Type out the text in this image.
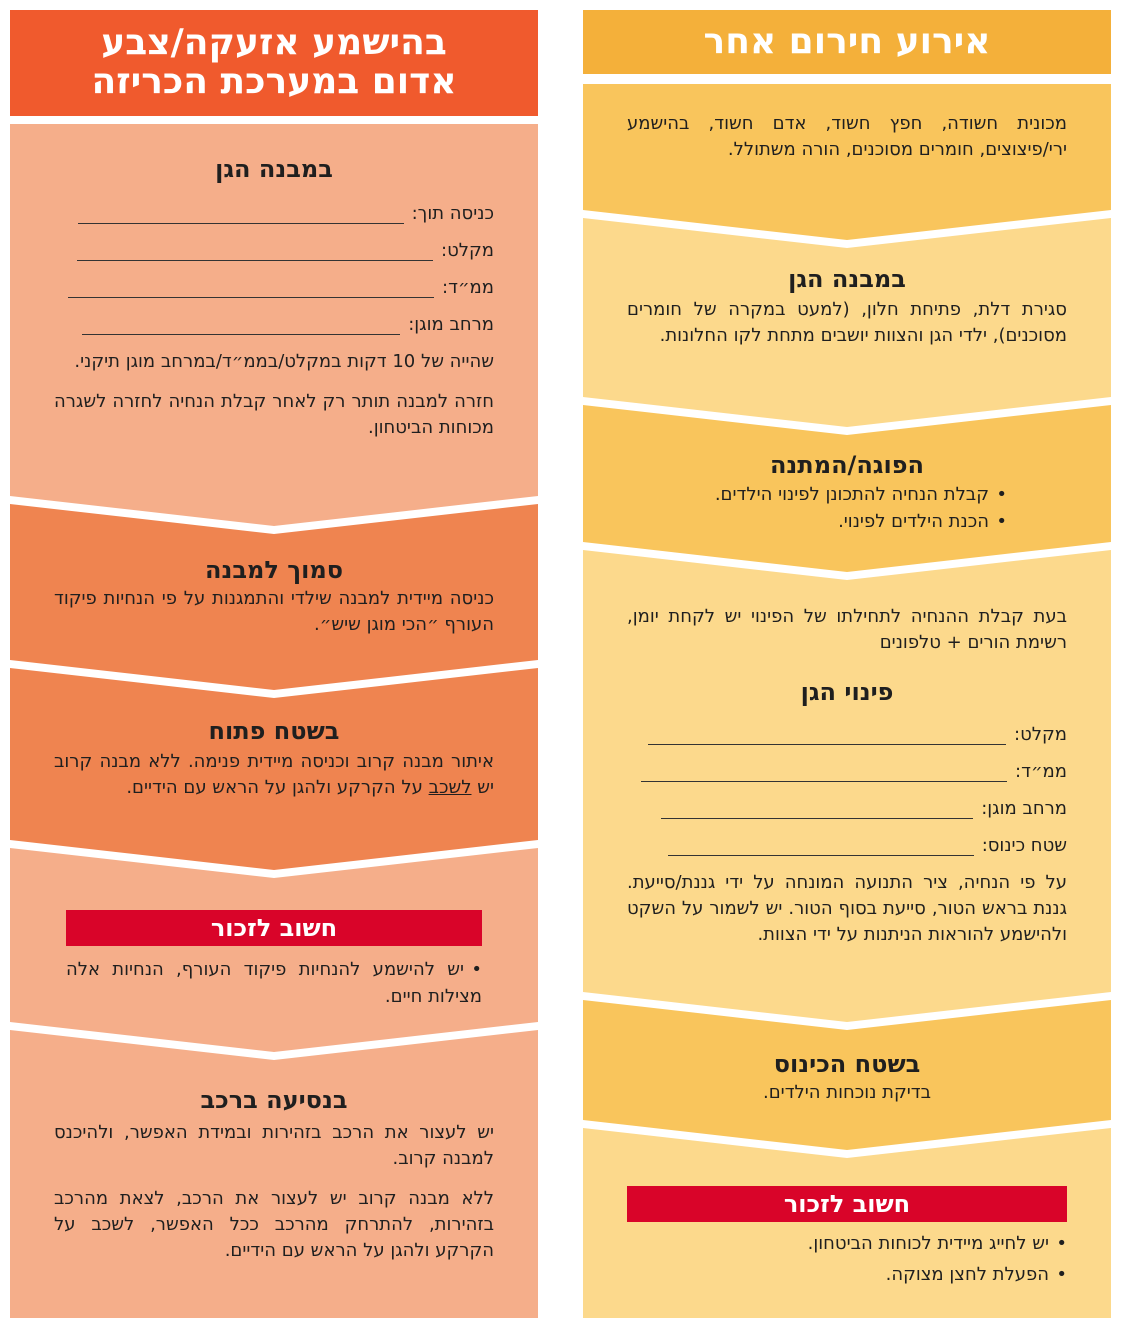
אירוע חירום אחר

מכונית חשודה, חפץ חשוד, אדם חשוד, בהישמע ירי/פיצוצים, חומרים מסוכנים, הורה משתולל.

במבנה הגן

סגירת דלת, פתיחת חלון, (למעט במקרה של חומרים מסוכנים), ילדי הגן והצוות יושבים מתחת לקו החלונות.

הפוגה/המתנה
•קבלת הנחיה להתכונן לפינוי הילדים.
•הכנת הילדים לפינוי.

בעת קבלת ההנחיה לתחילתו של הפינוי יש לקחת יומן, רשימת הורים + טלפונים

פינוי הגן
מקלט:
ממ״ד:
מרחב מוגן:
שטח כינוס:

על פי הנחיה, ציר התנועה המונחה על ידי גננת/סייעת. גננת בראש הטור, סייעת בסוף הטור. יש לשמור על השקט ולהישמע להוראות הניתנות על ידי הצוות.

בשטח הכינוס

בדיקת נוכחות הילדים.

חשוב לזכור
•יש לחייג מיידית לכוחות הביטחון.
•הפעלת לחצן מצוקה.
בהישמע אזעקה/צבע
אדום במערכת הכריזה
במבנה הגן
כניסה תוך:
מקלט:
ממ״ד:
מרחב מוגן:

שהייה של 10 דקות במקלט/בממ״ד/במרחב מוגן תיקני.

חזרה למבנה תותר רק לאחר קבלת הנחיה לחזרה לשגרה מכוחות הביטחון.

סמוך למבנה

כניסה מיידית למבנה שילדי והתמגנות על פי הנחיות פיקוד העורף ״הכי מוגן שיש״.

בשטח פתוח

איתור מבנה קרוב וכניסה מיידית פנימה. ללא מבנה קרוב יש לשכב על הקרקע ולהגן על הראש עם הידיים.

חשוב לזכור
•יש להישמע להנחיות פיקוד העורף, הנחיות אלה מצילות חיים.
בנסיעה ברכב

יש לעצור את הרכב בזהירות ובמידת האפשר, ולהיכנס למבנה קרוב.

ללא מבנה קרוב יש לעצור את הרכב, לצאת מהרכב בזהירות, להתרחק מהרכב ככל האפשר, לשכב על הקרקע ולהגן על הראש עם הידיים.
